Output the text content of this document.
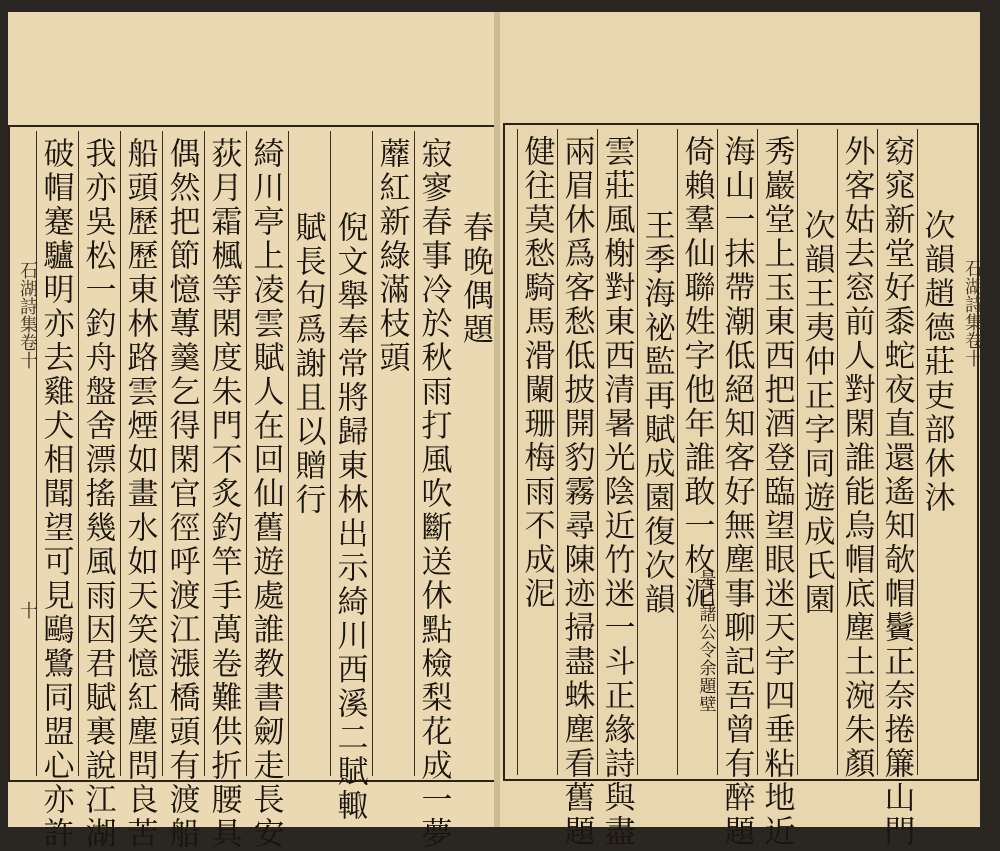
春晚偶題
寂寥春事冷於秋雨打風吹斷送休點檢梨花成一夢
蘼紅新綠滿枝頭
倪文舉奉常將歸東林出示綺川西溪二賦輙
賦長句爲謝且以贈行
綺川亭上凌雲賦人在回仙舊遊處誰教書劒走長安
荻月霜楓等閑度朱門不炙釣竿手萬卷難供折腰具
偶然把節憶蓴羹乞得閑官徑呼渡江漲橋頭有渡船
船頭歷歷東林路雲煙如畫水如天笑憶紅塵問良苦
我亦吳松一釣舟盤舍漂搖幾風雨因君賦裏說江湖
破帽蹇驢明亦去雞犬相聞望可見鷗鷺同盟心亦許
石湖詩集卷十
十
石湖詩集卷十
次韻趙德莊吏部休沐
窈窕新堂好黍蛇夜直還遙知欹帽鬢正奈捲簾山門
外客姑去窓前人對閑誰能烏帽底塵土涴朱顏
次韻王夷仲正字同遊成氏園
秀巖堂上玉東西把酒登臨望眼迷天宇四垂粘地近
海山一抹帶潮低絕知客好無塵事聊記吾曾有醉題
倚賴羣仙聯姓字他年誰敢一枚泥
是日諸公令余題壁
王季海祕監再賦成園復次韻
雲莊風榭對東西清暑光陰近竹迷一斗正緣詩與盡
兩眉休爲客愁低披開豹霧尋陳迹掃盡蛛塵看舊題
健往莫愁騎馬滑闌珊梅雨不成泥
